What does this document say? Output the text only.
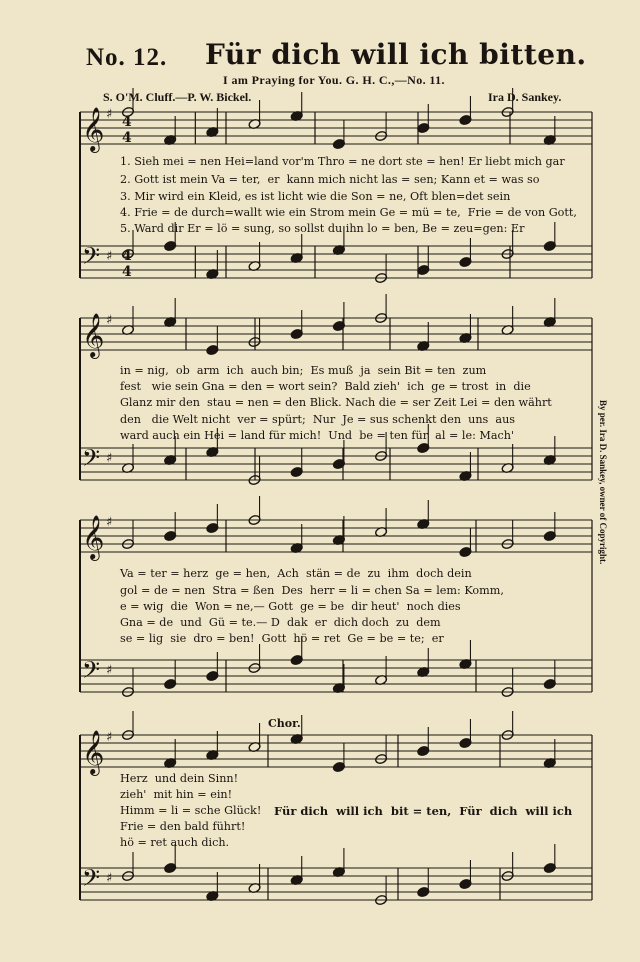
No. 12. Für dich will ich bitten.
I am Praying for You. G. H. C.,—No. 11.
S. O'M. Cluff.—P. W. Bickel.	Ira D. Sankey.
By per. Ira D. Sankey, owner of Copyright.
𝄞 ♯
𝄢 ♯
𝄞 ♯
𝄢 ♯
𝄞 ♯
𝄢 ♯
𝄞 ♯
𝄢 ♯
4
4
4
4
1. Sieh mei = nen Hei=land vor'm Thro = ne dort ste = hen! Er liebt mich gar
2. Gott ist mein Va = ter,  er  kann mich nicht las = sen; Kann et = was so
3. Mir wird ein Kleid, es ist licht wie die Son = ne, Oft blen=det sein
4. Frie = de durch=wallt wie ein Strom mein Ge = mü = te,  Frie = de von Gott,
5. Ward dir Er = lö = sung, so sollst du ihn lo = ben, Be = zeu=gen: Er
in = nig,  ob  arm  ich  auch bin;  Es muß  ja  sein Bit = ten  zum
fest   wie sein Gna = den = wort sein?  Bald zieh'  ich  ge = trost  in  die
Glanz mir den  stau = nen = den Blick. Nach die = ser Zeit Lei = den währt
den   die Welt nicht  ver = spürt;  Nur  Je = sus schenkt den  uns  aus
ward auch ein Hei = land für mich!  Und  be = ten für  al = le: Mach'
Va = ter = herz  ge = hen,  Ach  stän = de  zu  ihm  doch dein
gol = de = nen  Stra = ßen  Des  herr = li = chen Sa = lem: Komm,
e = wig  die  Won = ne,— Gott  ge = be  dir heut'  noch dies
Gna = de  und  Gü = te.— D  dak  er  dich doch  zu  dem
se = lig  sie  dro = ben!  Gott  hö = ret  Ge = be = te;  er
Chor.
Herz  und dein Sinn!
zieh'  mit hin = ein!
Himm = li = sche Glück!
Frie = den bald führt!
hö = ret auch dich.
Für dich  will ich  bit = ten,  Für  dich  will ich
